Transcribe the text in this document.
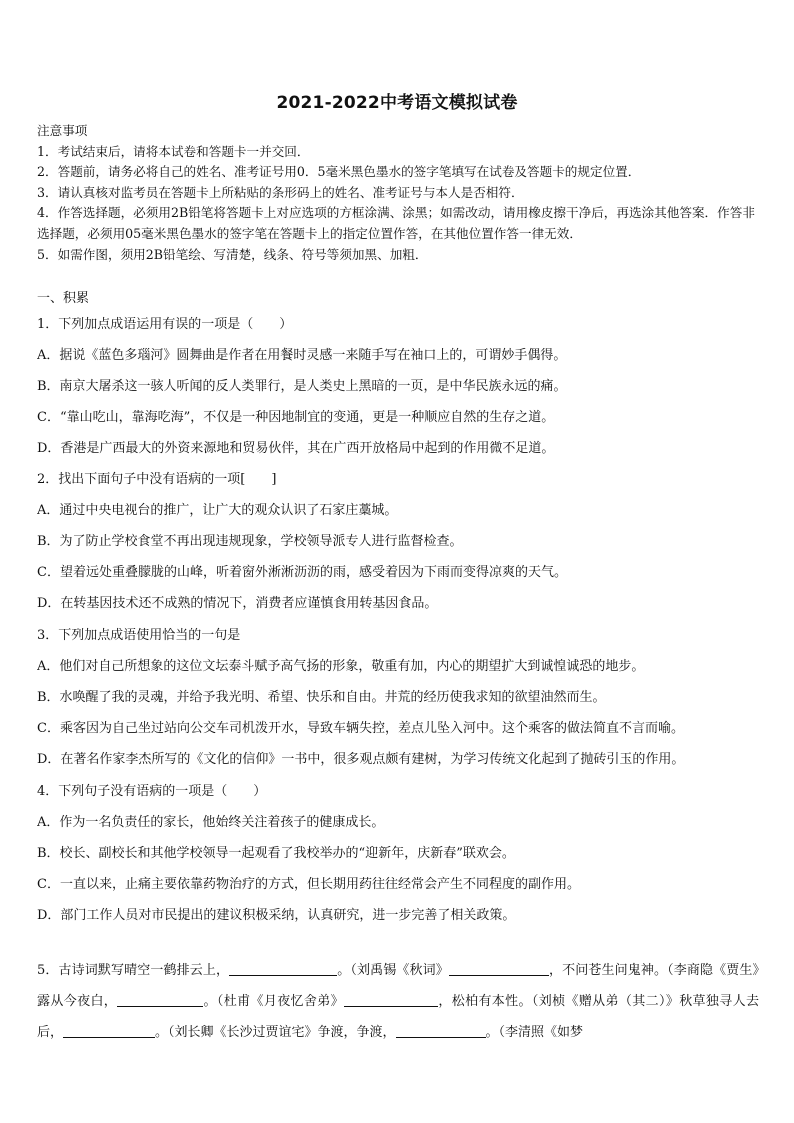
2021-2022中考语文模拟试卷
注意事项
1．考试结束后，请将本试卷和答题卡一并交回．
2．答题前，请务必将自己的姓名、准考证号用0．5毫米黑色墨水的签字笔填写在试卷及答题卡的规定位置．
3．请认真核对监考员在答题卡上所粘贴的条形码上的姓名、准考证号与本人是否相符．
4．作答选择题，必须用2B铅笔将答题卡上对应选项的方框涂满、涂黑；如需改动，请用橡皮擦干净后，再选涂其他答案．作答非选择题，必须用05毫米黑色墨水的签字笔在答题卡上的指定位置作答，在其他位置作答一律无效．
5．如需作图，须用2B铅笔绘、写清楚，线条、符号等须加黑、加粗．
一、积累
1．下列加点成语运用有误的一项是（　　）
A．据说《蓝色多瑙河》圆舞曲是作者在用餐时灵感一来随手写在袖口上的，可谓妙手偶得。
B．南京大屠杀这一骇人听闻的反人类罪行，是人类史上黑暗的一页，是中华民族永远的痛。
C．“靠山吃山，靠海吃海”，不仅是一种因地制宜的变通，更是一种顺应自然的生存之道。
D．香港是广西最大的外资来源地和贸易伙伴，其在广西开放格局中起到的作用微不足道。
2．找出下面句子中没有语病的一项[　　]
A．通过中央电视台的推广，让广大的观众认识了石家庄藁城。
B．为了防止学校食堂不再出现违规现象，学校领导派专人进行监督检查。
C．望着远处重叠朦胧的山峰，听着窗外淅淅沥沥的雨，感受着因为下雨而变得凉爽的天气。
D．在转基因技术还不成熟的情况下，消费者应谨慎食用转基因食品。
3．下列加点成语使用恰当的一句是
A．他们对自己所想象的这位文坛泰斗赋予高气扬的形象，敬重有加，内心的期望扩大到诚惶诚恐的地步。
B．水唤醒了我的灵魂，并给予我光明、希望、快乐和自由。井荒的经历使我求知的欲望油然而生。
C．乘客因为自己坐过站向公交车司机泼开水，导致车辆失控，差点儿坠入河中。这个乘客的做法简直不言而喻。
D．在著名作家李杰所写的《文化的信仰》一书中，很多观点颇有建树，为学习传统文化起到了抛砖引玉的作用。
4．下列句子没有语病的一项是（　　）
A．作为一名负责任的家长，他始终关注着孩子的健康成长。
B．校长、副校长和其他学校领导一起观看了我校举办的“迎新年，庆新春”联欢会。
C．一直以来，止痛主要依靠药物治疗的方式，但长期用药往往经常会产生不同程度的副作用。
D．部门工作人员对市民提出的建议积极采纳，认真研究，进一步完善了相关政策。
5．古诗词默写晴空一鹤排云上，	。（刘禹锡《秋词》	，不问苍生问鬼神。（李商隐《贾生》露从今夜白，	。（杜甫《月夜忆舍弟》	，松柏有本性。（刘桢《赠从弟（其二）》秋草独寻人去后，	。（刘长卿《长沙过贾谊宅》争渡，争渡，	。（李清照《如梦
